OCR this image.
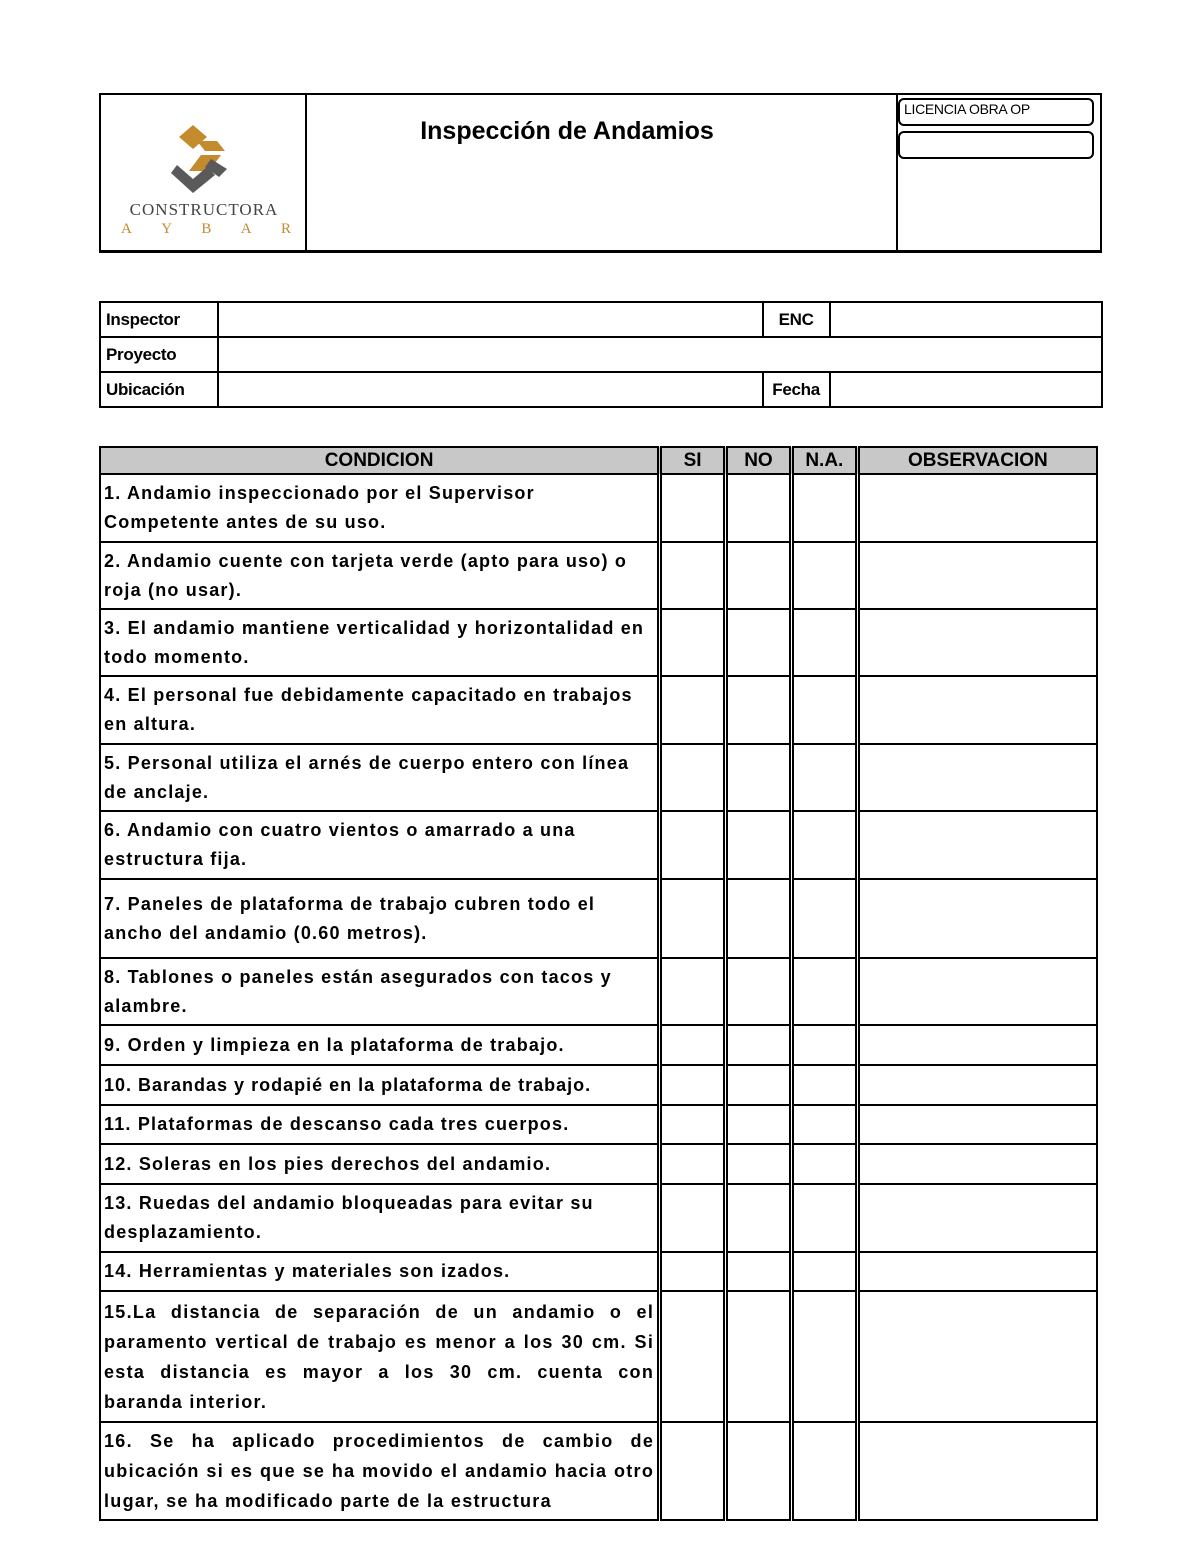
CONSTRUCTORA
A Y B A R
Inspección de Andamios
LICENCIA OBRA OP
Inspector		ENC	
Proyecto			
Ubicación		Fecha	
CONDICION	SI	NO	N.A.	OBSERVACION
1. Andamio inspeccionado por el Supervisor Competente antes de su uso.				
2. Andamio cuente con tarjeta verde (apto para uso) o roja (no usar).				
3. El andamio mantiene verticalidad y horizontalidad en todo momento.				
4. El personal fue debidamente capacitado en trabajos en altura.				
5. Personal utiliza el arnés de cuerpo entero con línea de anclaje.				
6. Andamio con cuatro vientos o amarrado a una estructura fija.				
7. Paneles de plataforma de trabajo cubren todo el ancho del andamio (0.60 metros).				
8. Tablones o paneles están asegurados con tacos y alambre.				
9. Orden y limpieza en la plataforma de trabajo.				
10. Barandas y rodapié en la plataforma de trabajo.				
11. Plataformas de descanso cada tres cuerpos.				
12. Soleras en los pies derechos del andamio.				
13. Ruedas del andamio bloqueadas para evitar su desplazamiento.				
14. Herramientas y materiales son izados.				
15.La distancia de separación de un andamio o el paramento vertical de trabajo es menor a los 30 cm. Si esta distancia es mayor a los 30 cm. cuenta con baranda interior.				
16. Se ha aplicado procedimientos de cambio de ubicación si es que se ha movido el andamio hacia otro lugar, se ha modificado parte de la estructura				
